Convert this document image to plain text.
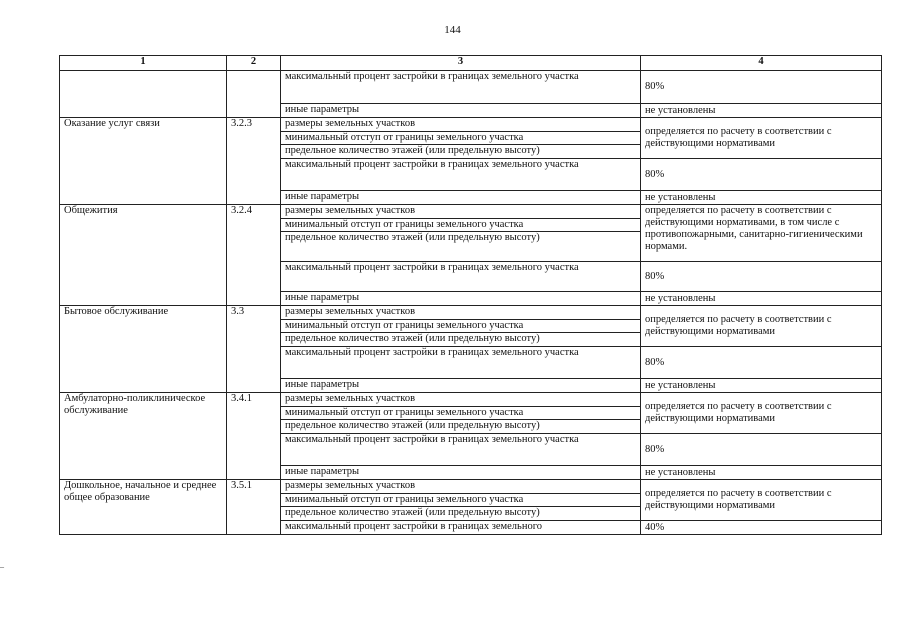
144
1	2	3	4
		максимальный процент застройки в границах земельного участка	80%
		иные параметры	не установлены
Оказание услуг связи	3.2.3	размеры земельных участков	определяется по расчету в соответствии с действующими нормативами
		минимальный отступ от границы земельного участка	
		предельное количество этажей (или предельную высоту)	
		максимальный процент застройки в границах земельного участка	80%
		иные параметры	не установлены
Общежития	3.2.4	размеры земельных участков	определяется по расчету в соответствии с действующими нормативами, в том числе с противопожарными, санитарно-гигиеническими нормами.
		минимальный отступ от границы земельного участка	
		предельное количество этажей (или предельную высоту)	
		максимальный процент застройки в границах земельного участка	80%
		иные параметры	не установлены
Бытовое обслуживание	3.3	размеры земельных участков	определяется по расчету в соответствии с действующими нормативами
		минимальный отступ от границы земельного участка	
		предельное количество этажей (или предельную высоту)	
		максимальный процент застройки в границах земельного участка	80%
		иные параметры	не установлены
Амбулаторно-поликлиническое обслуживание	3.4.1	размеры земельных участков	определяется по расчету в соответствии с действующими нормативами
		минимальный отступ от границы земельного участка	
		предельное количество этажей (или предельную высоту)	
		максимальный процент застройки в границах земельного участка	80%
		иные параметры	не установлены
Дошкольное, начальное и среднее общее образование	3.5.1	размеры земельных участков	определяется по расчету в соответствии с действующими нормативами
		минимальный отступ от границы земельного участка	
		предельное количество этажей (или предельную высоту)	
		максимальный процент застройки в границах земельного	40%
¯
